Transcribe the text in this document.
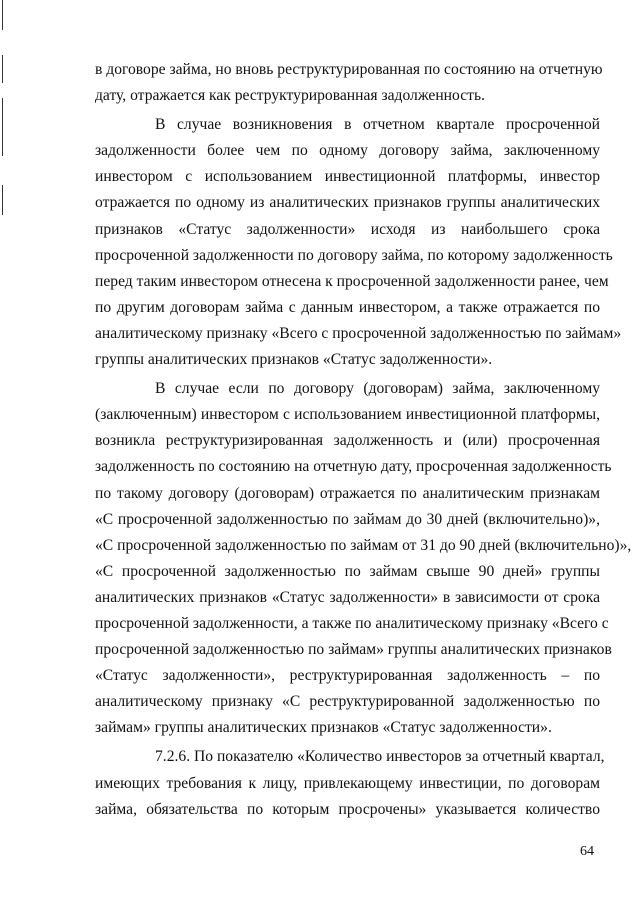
в договоре займа, но вновь реструктурированная по состоянию на отчетную
дату, отражается как реструктурированная задолженность.
В случае возникновения в отчетном квартале просроченной
задолженности более чем по одному договору займа, заключенному
инвестором с использованием инвестиционной платформы, инвестор
отражается по одному из аналитических признаков группы аналитических
признаков «Статус задолженности» исходя из наибольшего срока
просроченной задолженности по договору займа, по которому задолженность
перед таким инвестором отнесена к просроченной задолженности ранее, чем
по другим договорам займа с данным инвестором, а также отражается по
аналитическому признаку «Всего с просроченной задолженностью по займам»
группы аналитических признаков «Статус задолженности».
В случае если по договору (договорам) займа, заключенному
(заключенным) инвестором с использованием инвестиционной платформы,
возникла реструктуризированная задолженность и (или) просроченная
задолженность по состоянию на отчетную дату, просроченная задолженность
по такому договору (договорам) отражается по аналитическим признакам
«С просроченной задолженностью по займам до 30 дней (включительно)»,
«С просроченной задолженностью по займам от 31 до 90 дней (включительно)»,
«С просроченной задолженностью по займам свыше 90 дней» группы
аналитических признаков «Статус задолженности» в зависимости от срока
просроченной задолженности, а также по аналитическому признаку «Всего с
просроченной задолженностью по займам» группы аналитических признаков
«Статус задолженности», реструктурированная задолженность – по
аналитическому признаку «С реструктурированной задолженностью по
займам» группы аналитических признаков «Статус задолженности».
7.2.6. По показателю «Количество инвесторов за отчетный квартал,
имеющих требования к лицу, привлекающему инвестиции, по договорам
займа, обязательства по которым просрочены» указывается количество
64
